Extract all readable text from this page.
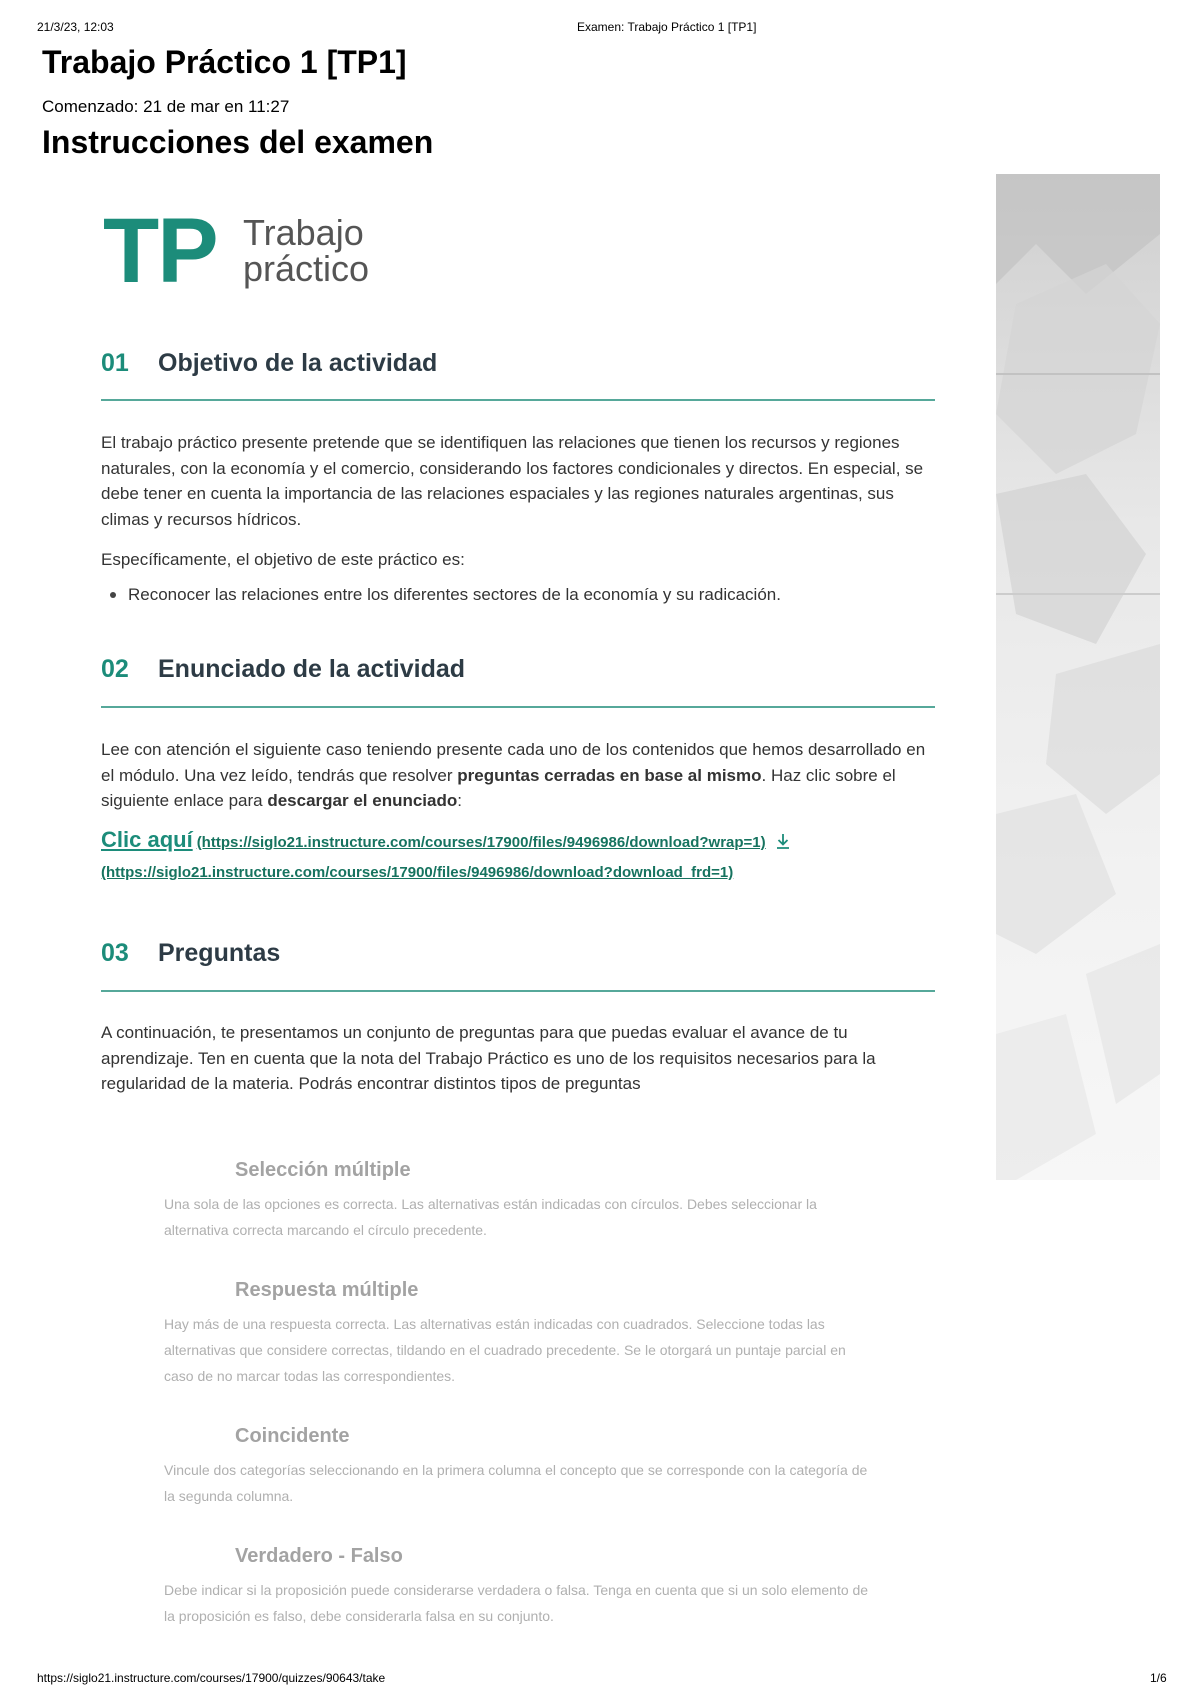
21/3/23, 12:03	Examen: Trabajo Práctico 1 [TP1]
Trabajo Práctico 1 [TP1]
Comenzado: 21 de mar en 11:27
Instrucciones del examen
TP Trabajo práctico
01	Objetivo de la actividad

El trabajo práctico presente pretende que se identifiquen las relaciones que tienen los recursos y regiones naturales, con la economía y el comercio, considerando los factores condicionales y directos. En especial, se debe tener en cuenta la importancia de las relaciones espaciales y las regiones naturales argentinas, sus climas y recursos hídricos.

Específicamente, el objetivo de este práctico es:

Reconocer las relaciones entre los diferentes sectores de la economía y su radicación.
02	Enunciado de la actividad

Lee con atención el siguiente caso teniendo presente cada uno de los contenidos que hemos desarrollado en el módulo. Una vez leído, tendrás que resolver preguntas cerradas en base al mismo. Haz clic sobre el siguiente enlace para descargar el enunciado:

Clic aquí (https://siglo21.instructure.com/courses/17900/files/9496986/download?wrap=1)
(https://siglo21.instructure.com/courses/17900/files/9496986/download?download_frd=1)
03	Preguntas

A continuación, te presentamos un conjunto de preguntas para que puedas evaluar el avance de tu aprendizaje. Ten en cuenta que la nota del Trabajo Práctico es uno de los requisitos necesarios para la regularidad de la materia. Podrás encontrar distintos tipos de preguntas

Selección múltiple

Una sola de las opciones es correcta. Las alternativas están indicadas con círculos. Debes seleccionar la alternativa correcta marcando el círculo precedente.

Respuesta múltiple

Hay más de una respuesta correcta. Las alternativas están indicadas con cuadrados. Seleccione todas las alternativas que considere correctas, tildando en el cuadrado precedente. Se le otorgará un puntaje parcial en caso de no marcar todas las correspondientes.

Coincidente

Vincule dos categorías seleccionando en la primera columna el concepto que se corresponde con la categoría de la segunda columna.

Verdadero - Falso

Debe indicar si la proposición puede considerarse verdadera o falsa. Tenga en cuenta que si un solo elemento de la proposición es falso, debe considerarla falsa en su conjunto.

https://siglo21.instructure.com/courses/17900/quizzes/90643/take	1/6
